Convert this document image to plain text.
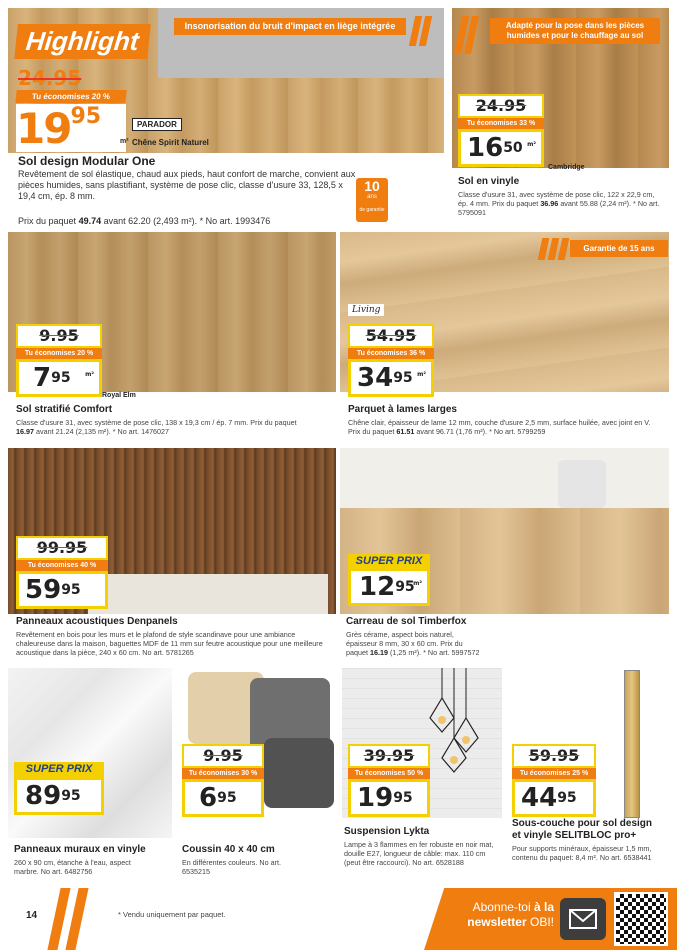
Highlight	Insonorisation du bruit d'impact en liège intégrée
24.95
Tu économises 20 %
1995
m²
PARADOR
Chêne Spirit Naturel
Sol design Modular One
Revêtement de sol élastique, chaud aux pieds, haut confort de marche, convient aux pièces humides, sans plastifiant, système de pose clic, classe d'usure 33, 128,5 x 19,4 cm, ép. 8 mm.
Prix du paquet 49.74 avant 62.20 (2,493 m²). * No art. 1993476
10
ans
de garantie
Adapté pour la pose dans les pièces humides et pour le chauffage au sol
24.95
Tu économises 33 %
$16^{50}$ m²
Cambridge
Sol en vinyle
Classe d'usure 31, avec système de pose clic, 122 x 22,9 cm, ép. 4 mm. Prix du paquet 36.96 avant 55.88 (2,24 m²). * No art. 5795091
9.95
Tu économises 20 %
$7^{95}$ m²
Royal Elm
Sol stratifié Comfort
Classe d'usure 31, avec système de pose clic, 138 x 19,3 cm / ép. 7 mm. Prix du paquet 16.97 avant 21.24 (2,135 m²). * No art. 1476027
Garantie de 15 ans
Living
54.95
Tu économises 36 %
$34^{95}$ m²
Parquet à lames larges
Chêne clair, épaisseur de lame 12 mm, couche d'usure 2,5 mm, surface huilée, avec joint en V. Prix du paquet 61.51 avant 96.71 (1,76 m²). * No art. 5799259
99.95
Tu économises 40 %
$59^{95}$
Panneaux acoustiques Denpanels
Revêtement en bois pour les murs et le plafond de style scandinave pour une ambiance chaleureuse dans la maison, baguettes MDF de 11 mm sur feutre acoustique pour une meilleure acoustique dans la pièce, 240 x 60 cm. No art. 5781265
SUPER PRIX
$12^{95}$
m²
Carreau de sol Timberfox
Grès cérame, aspect bois naturel, épaisseur 8 mm, 30 x 60 cm. Prix du paquet 16.19 (1,25 m²). * No art. 5997572
SUPER PRIX
$89^{95}$
Panneaux muraux en vinyle
260 x 90 cm, étanche à l'eau, aspect marbre. No art. 6482756
9.95
Tu économises 30 %
$6^{95}$
Coussin 40 x 40 cm
En différentes couleurs. No art. 6535215
39.95
Tu économises 50 %
$19^{95}$
Suspension Lykta
Lampe à 3 flammes en fer robuste en noir mat, douille E27, longueur de câble: max. 110 cm (peut être raccourci). No art. 6528188
59.95
Tu économises 25 %
$44^{95}$
Sous-couche pour sol design et vinyle SELITBLOC pro+
Pour supports minéraux, épaisseur 1,5 mm, contenu du paquet: 8,4 m². No art. 6538441
14	* Vendu uniquement par paquet.
Abonne-toi à la
newsletter OBI!
